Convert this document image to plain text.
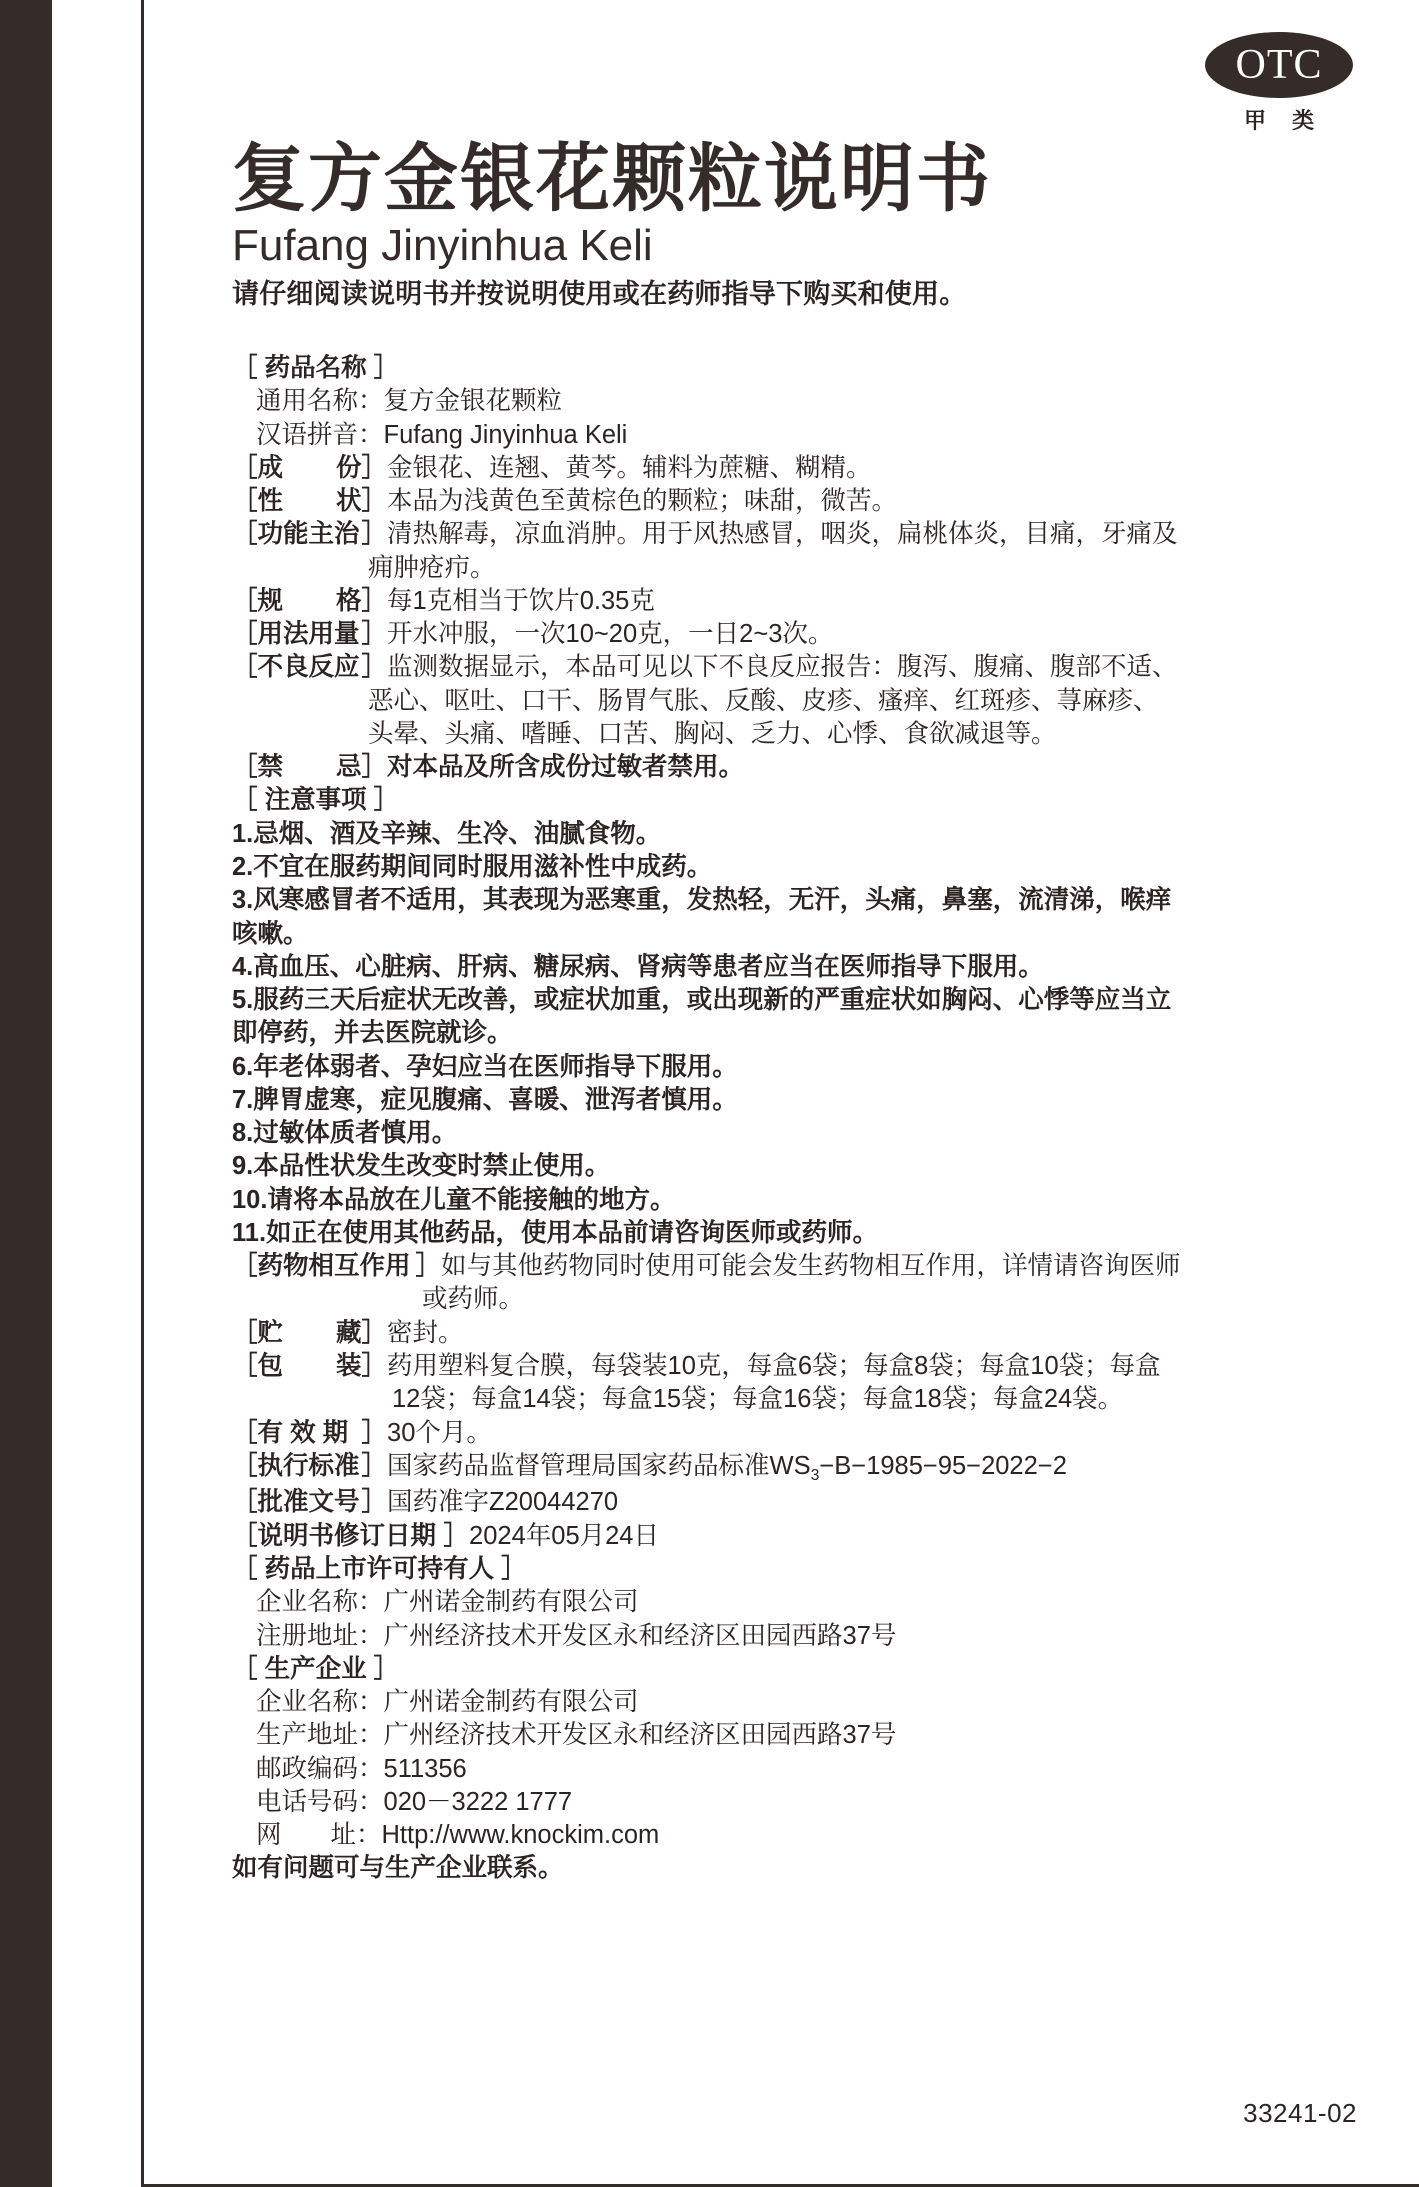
OTC
甲 类
复方金银花颗粒说明书
Fufang Jinyinhua Keli
请仔细阅读说明书并按说明使用或在药师指导下购买和使用。
［ 药品名称 ］
通用名称：复方金银花颗粒
汉语拼音：Fufang Jinyinhua Keli
［ 成 份 ］ 金银花、连翘、黄芩。辅料为蔗糖、糊精。
［ 性 状 ］ 本品为浅黄色至黄棕色的颗粒；味甜，微苦。
［ 功能主治 ］ 清热解毒，凉血消肿。用于风热感冒，咽炎，扁桃体炎，目痛，牙痛及
痈肿疮疖。
［ 规 格 ］ 每1克相当于饮片0.35克
［ 用法用量 ］ 开水冲服，一次10~20克，一日2~3次。
［ 不良反应 ］ 监测数据显示，本品可见以下不良反应报告：腹泻、腹痛、腹部不适、
恶心、呕吐、口干、肠胃气胀、反酸、皮疹、瘙痒、红斑疹、荨麻疹、
头晕、头痛、嗜睡、口苦、胸闷、乏力、心悸、食欲减退等。
［ 禁 忌 ］ 对本品及所含成份过敏者禁用。
［ 注意事项 ］
1.忌烟、酒及辛辣、生冷、油腻食物。
2.不宜在服药期间同时服用滋补性中成药。
3.风寒感冒者不适用，其表现为恶寒重，发热轻，无汗，头痛，鼻塞，流清涕，喉痒
咳嗽。
4.高血压、心脏病、肝病、糖尿病、肾病等患者应当在医师指导下服用。
5.服药三天后症状无改善，或症状加重，或出现新的严重症状如胸闷、心悸等应当立
即停药，并去医院就诊。
6.年老体弱者、孕妇应当在医师指导下服用。
7.脾胃虚寒，症见腹痛、喜暖、泄泻者慎用。
8.过敏体质者慎用。
9.本品性状发生改变时禁止使用。
10.请将本品放在儿童不能接触的地方。
11.如正在使用其他药品，使用本品前请咨询医师或药师。
［ 药物相互作用 ］ 如与其他药物同时使用可能会发生药物相互作用，详情请咨询医师
或药师。
［ 贮 藏 ］ 密封。
［ 包 装 ］ 药用塑料复合膜，每袋装10克，每盒6袋；每盒8袋；每盒10袋；每盒
12袋；每盒14袋；每盒15袋；每盒16袋；每盒18袋；每盒24袋。
［ 有 效 期 ］ 30个月。
［ 执行标准 ］ 国家药品监督管理局国家药品标准$WS_3-B-1985-95-2022-2$
［ 批准文号 ］ 国药准字Z20044270
［ 说明书修订日期 ］ 2024年05月24日
［ 药品上市许可持有人 ］
企业名称：广州诺金制药有限公司
注册地址：广州经济技术开发区永和经济区田园西路37号
［ 生产企业 ］
企业名称：广州诺金制药有限公司
生产地址：广州经济技术开发区永和经济区田园西路37号
邮政编码：511356
电话号码：020－3222 1777
网 址 ：Http://www.knockim.com
如有问题可与生产企业联系。
33241-02
